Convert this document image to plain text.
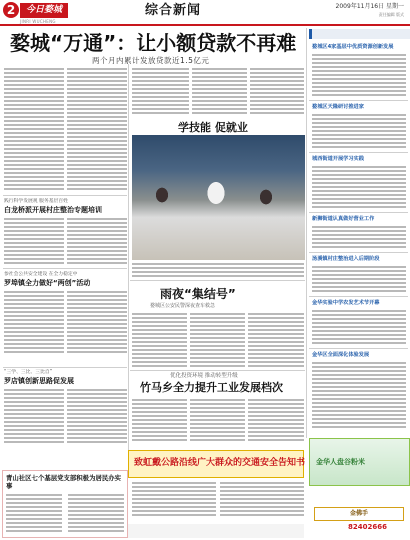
2	今日婺城
JINRI WUCHENG
综合新闻	2009年11月16日 星期一
责任编辑 版式
婺城“万通”：让小额贷款不再难
两个月内累计发放贷款近1.5亿元
践行科学发展观 服务基层百姓
白龙桥派开展村庄整治专题培训
参社会公共安全建设 在全力稳定中
罗埠镇全力做好“两创”活动
“三学、三比、三比自”
罗店镇创新思路促发展
青山社区七个基层党支部积极为居民办实事
学技能 促就业
雨夜“集结号”
婺城区公安民警深夜查车救急
优化投资环境 推动转型升级
竹马乡全力提升工业发展档次
致虹戴公路沿线广大群众的交通安全告知书
婺城区4家基层中优质资源创新发展
婺城区天隆研讨推进家
城西街道开展学习实践
新狮街道认真做好营业工作
汤溪镇村庄整治进入后期阶段
金华实验中学农发艺术节开幕
金华区全面深化体验发展
金华人盘谷粉米
金佛手
82402666
